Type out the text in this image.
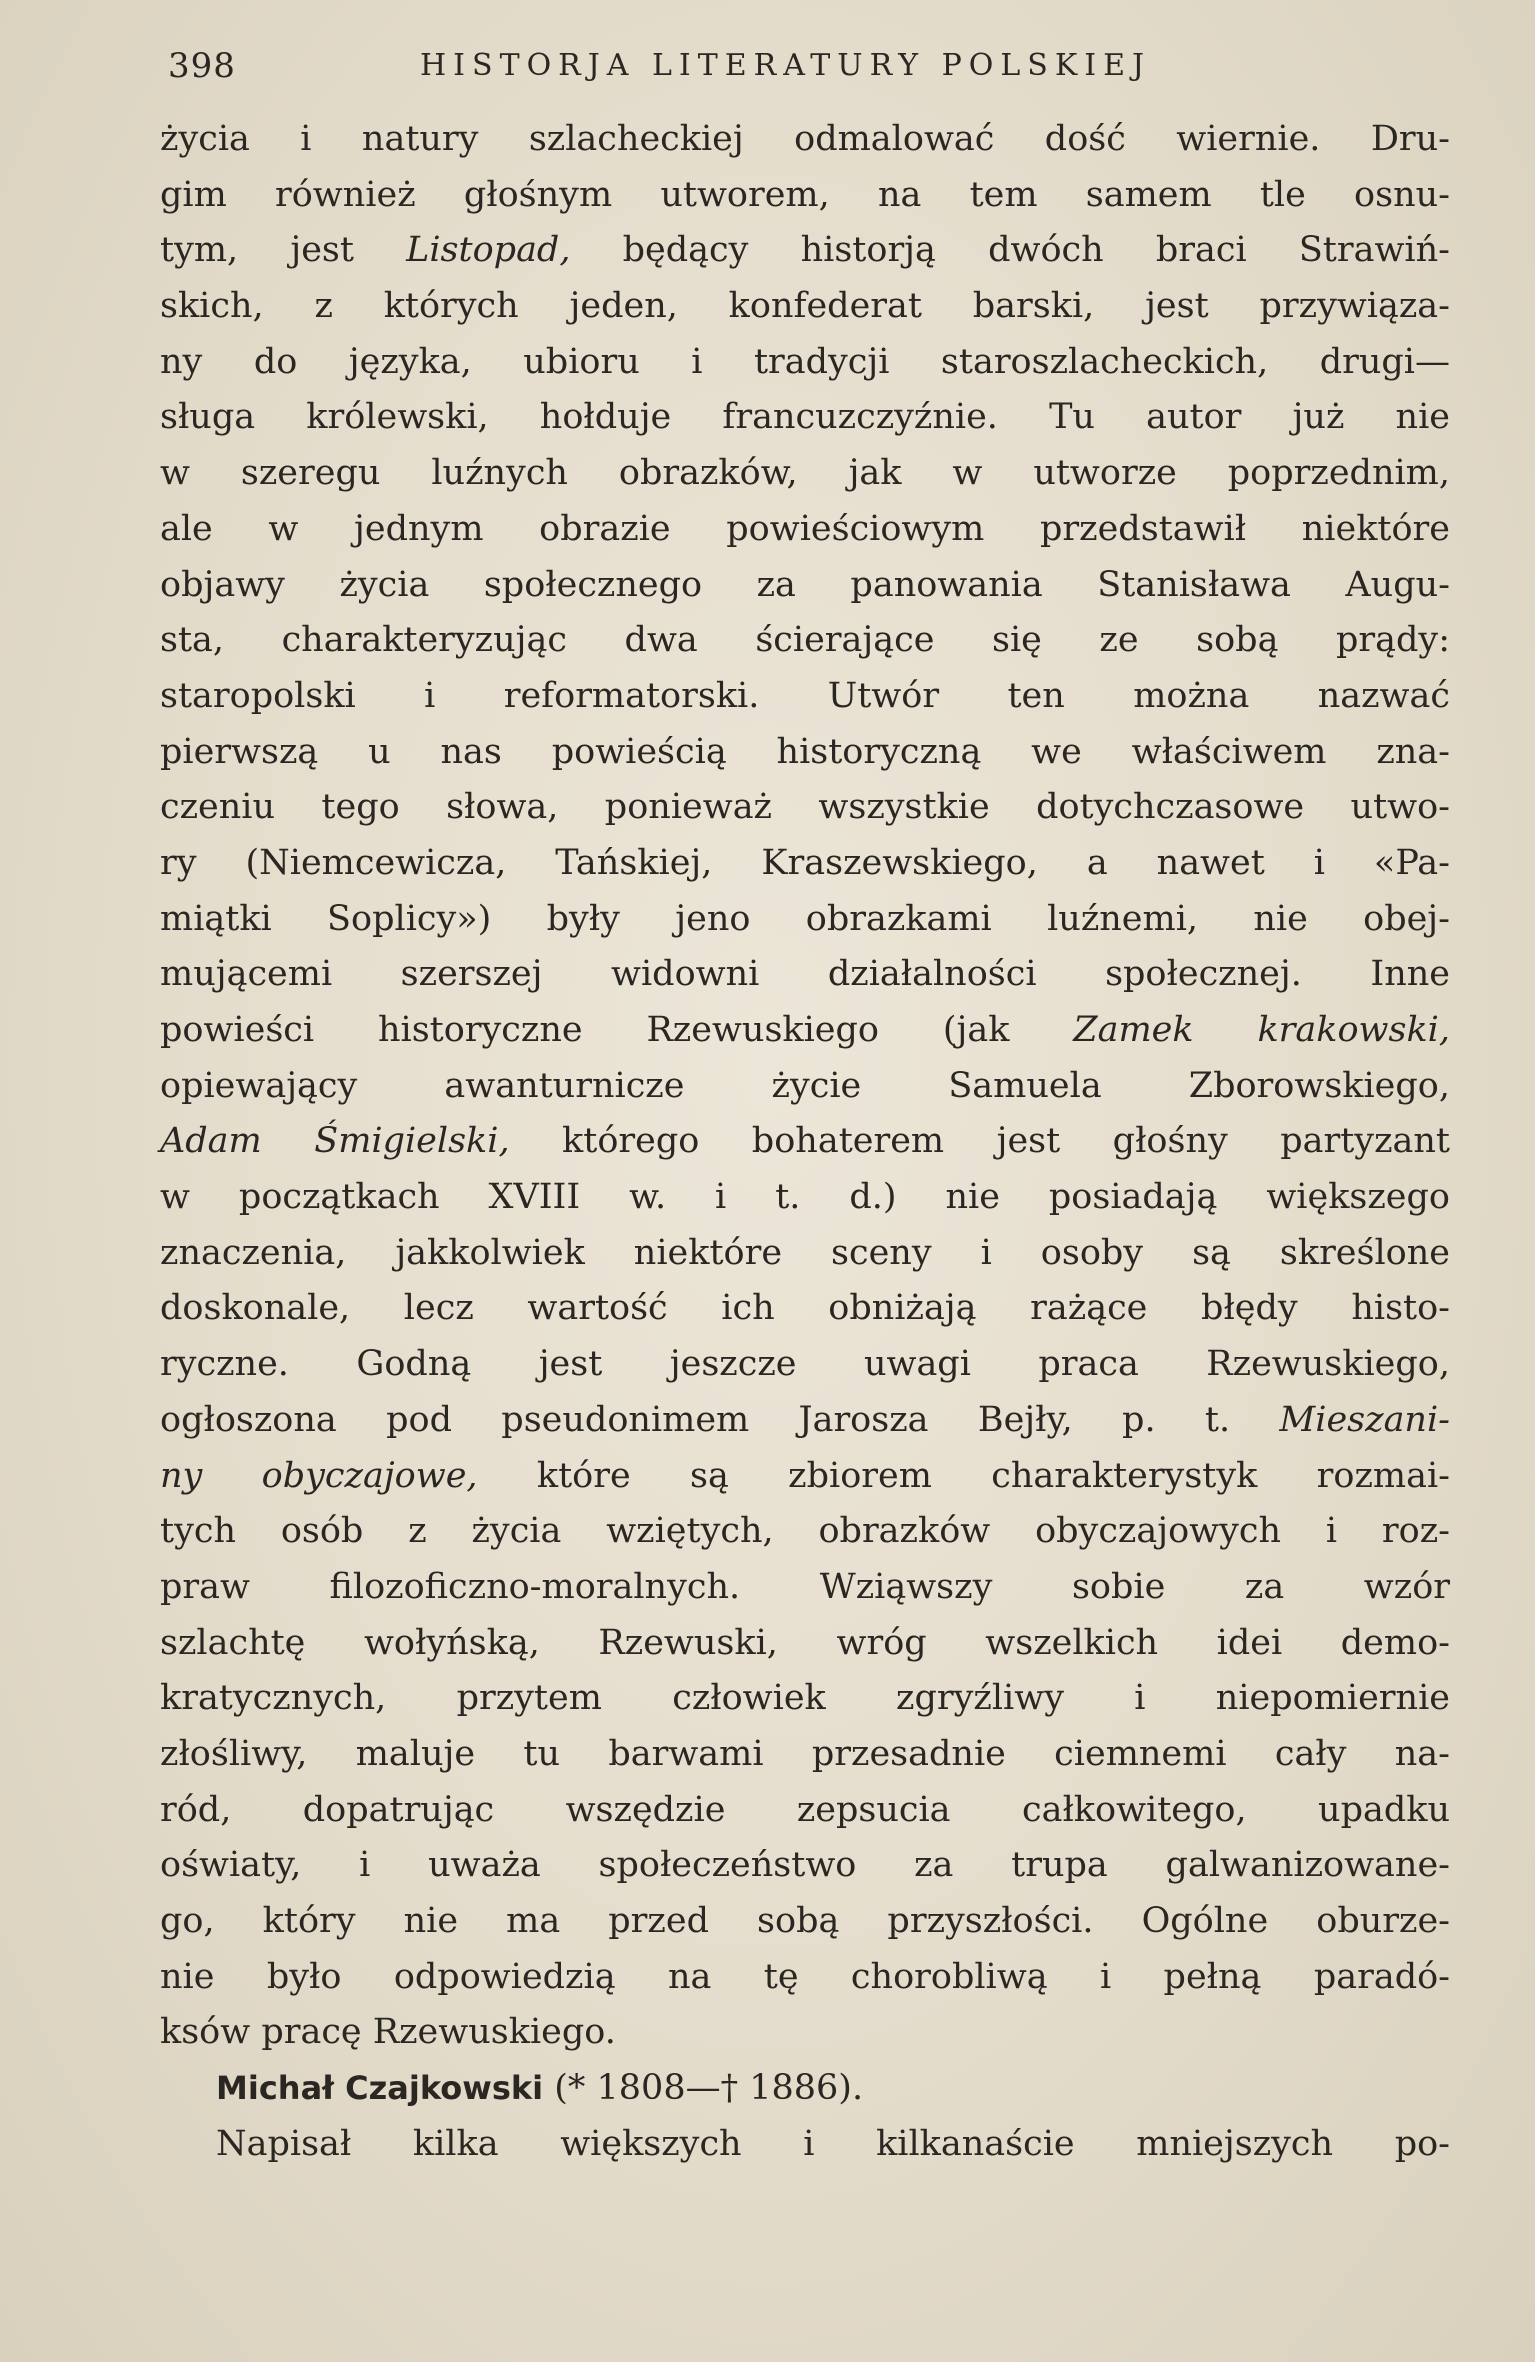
398	HISTORJA LITERATURY POLSKIEJ
życia i natury szlacheckiej odmalować dość wiernie. Dru-
gim również głośnym utworem, na tem samem tle osnu-
tym, jest Listopad, będący historją dwóch braci Strawiń-
skich, z których jeden, konfederat barski, jest przywiąza-
ny do języka, ubioru i tradycji staroszlacheckich, drugi—
sługa królewski, hołduje francuzczyźnie. Tu autor już nie
w szeregu luźnych obrazków, jak w utworze poprzednim,
ale w jednym obrazie powieściowym przedstawił niektóre
objawy życia społecznego za panowania Stanisława Augu-
sta, charakteryzując dwa ścierające się ze sobą prądy:
staropolski i reformatorski. Utwór ten można nazwać
pierwszą u nas powieścią historyczną we właściwem zna-
czeniu tego słowa, ponieważ wszystkie dotychczasowe utwo-
ry (Niemcewicza, Tańskiej, Kraszewskiego, a nawet i «Pa-
miątki Soplicy») były jeno obrazkami luźnemi, nie obej-
mującemi szerszej widowni działalności społecznej. Inne
powieści historyczne Rzewuskiego (jak Zamek krakowski,
opiewający awanturnicze życie Samuela Zborowskiego,
Adam Śmigielski, którego bohaterem jest głośny partyzant
w początkach XVIII w. i t. d.) nie posiadają większego
znaczenia, jakkolwiek niektóre sceny i osoby są skreślone
doskonale, lecz wartość ich obniżają rażące błędy histo-
ryczne. Godną jest jeszcze uwagi praca Rzewuskiego,
ogłoszona pod pseudonimem Jarosza Bejły, p. t. Mieszani-
ny obyczajowe, które są zbiorem charakterystyk rozmai-
tych osób z życia wziętych, obrazków obyczajowych i roz-
praw filozoficzno-moralnych. Wziąwszy sobie za wzór
szlachtę wołyńską, Rzewuski, wróg wszelkich idei demo-
kratycznych, przytem człowiek zgryźliwy i niepomiernie
złośliwy, maluje tu barwami przesadnie ciemnemi cały na-
ród, dopatrując wszędzie zepsucia całkowitego, upadku
oświaty, i uważa społeczeństwo za trupa galwanizowane-
go, który nie ma przed sobą przyszłości. Ogólne oburze-
nie było odpowiedzią na tę chorobliwą i pełną paradó-
ksów pracę Rzewuskiego.
Michał Czajkowski (* 1808—† 1886).
Napisał kilka większych i kilkanaście mniejszych po-
